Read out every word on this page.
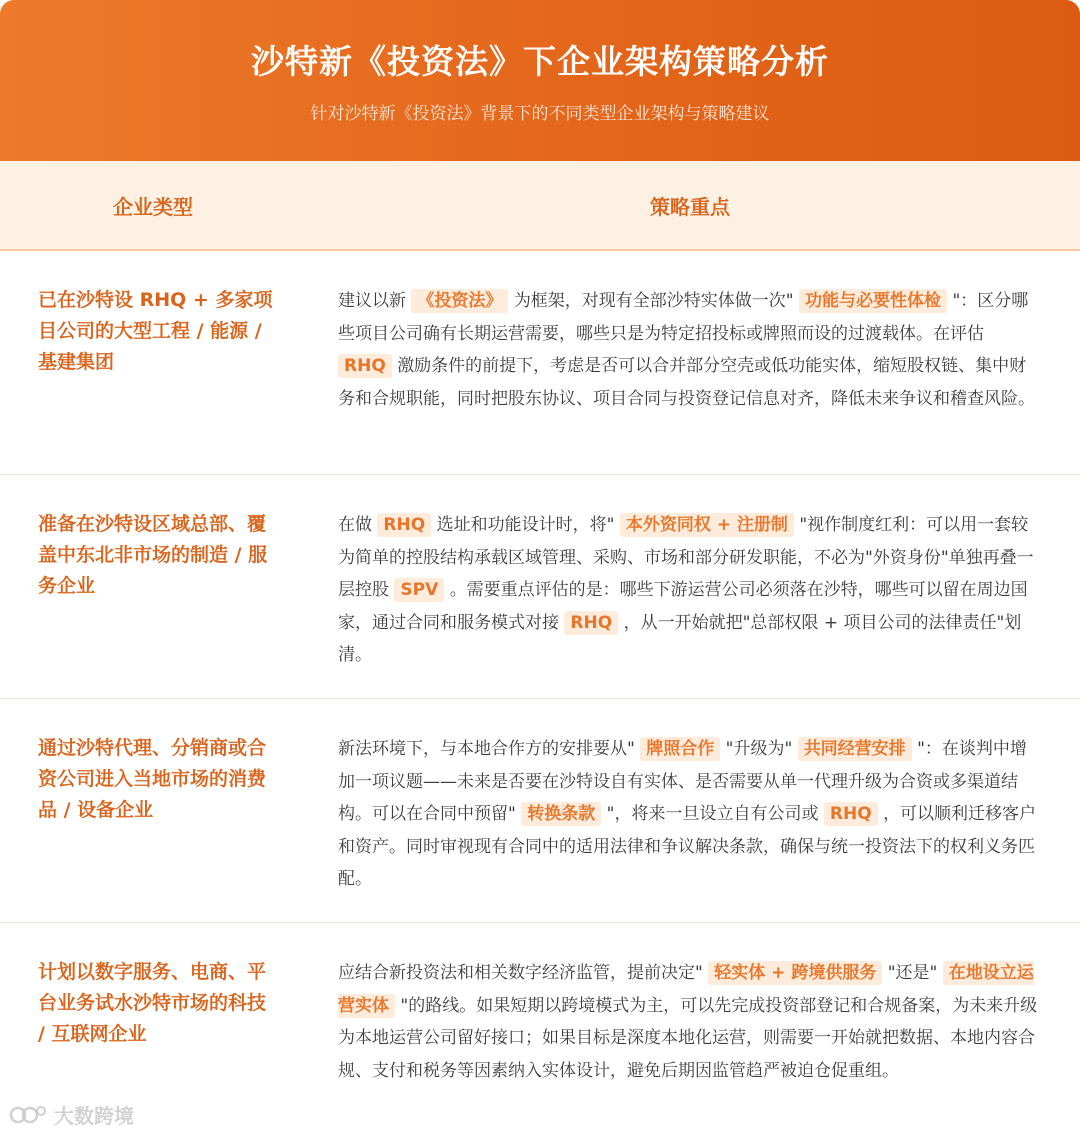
沙特新《投资法》下企业架构策略分析
针对沙特新《投资法》背景下的不同类型企业架构与策略建议
企业类型	策略重点
已在沙特设 RHQ + 多家项目公司的大型工程 / 能源 / 基建集团
建议以新 《投资法》 为框架，对现有全部沙特实体做一次" 功能与必要性体检 "：区分哪些项目公司确有长期运营需要，哪些只是为特定招投标或牌照而设的过渡载体。在评估 RHQ 激励条件的前提下，考虑是否可以合并部分空壳或低功能实体，缩短股权链、集中财务和合规职能，同时把股东协议、项目合同与投资登记信息对齐，降低未来争议和稽查风险。
准备在沙特设区域总部、覆盖中东北非市场的制造 / 服务企业
在做 RHQ 选址和功能设计时，将" 本外资同权 + 注册制 "视作制度红利：可以用一套较为简单的控股结构承载区域管理、采购、市场和部分研发职能，不必为"外资身份"单独再叠一层控股 SPV 。需要重点评估的是：哪些下游运营公司必须落在沙特，哪些可以留在周边国家，通过合同和服务模式对接 RHQ ，从一开始就把"总部权限 + 项目公司的法律责任"划清。
通过沙特代理、分销商或合资公司进入当地市场的消费品 / 设备企业
新法环境下，与本地合作方的安排要从" 牌照合作 "升级为" 共同经营安排 "：在谈判中增加一项议题——未来是否要在沙特设自有实体、是否需要从单一代理升级为合资或多渠道结构。可以在合同中预留" 转换条款 "，将来一旦设立自有公司或 RHQ ，可以顺利迁移客户和资产。同时审视现有合同中的适用法律和争议解决条款，确保与统一投资法下的权利义务匹配。
计划以数字服务、电商、平台业务试水沙特市场的科技 / 互联网企业
应结合新投资法和相关数字经济监管，提前决定" 轻实体 + 跨境供服务 "还是" 在地设立运营实体 "的路线。如果短期以跨境模式为主，可以先完成投资部登记和合规备案，为未来升级为本地运营公司留好接口；如果目标是深度本地化运营，则需要一开始就把数据、本地内容合规、支付和税务等因素纳入实体设计，避免后期因监管趋严被迫仓促重组。
大数跨境
